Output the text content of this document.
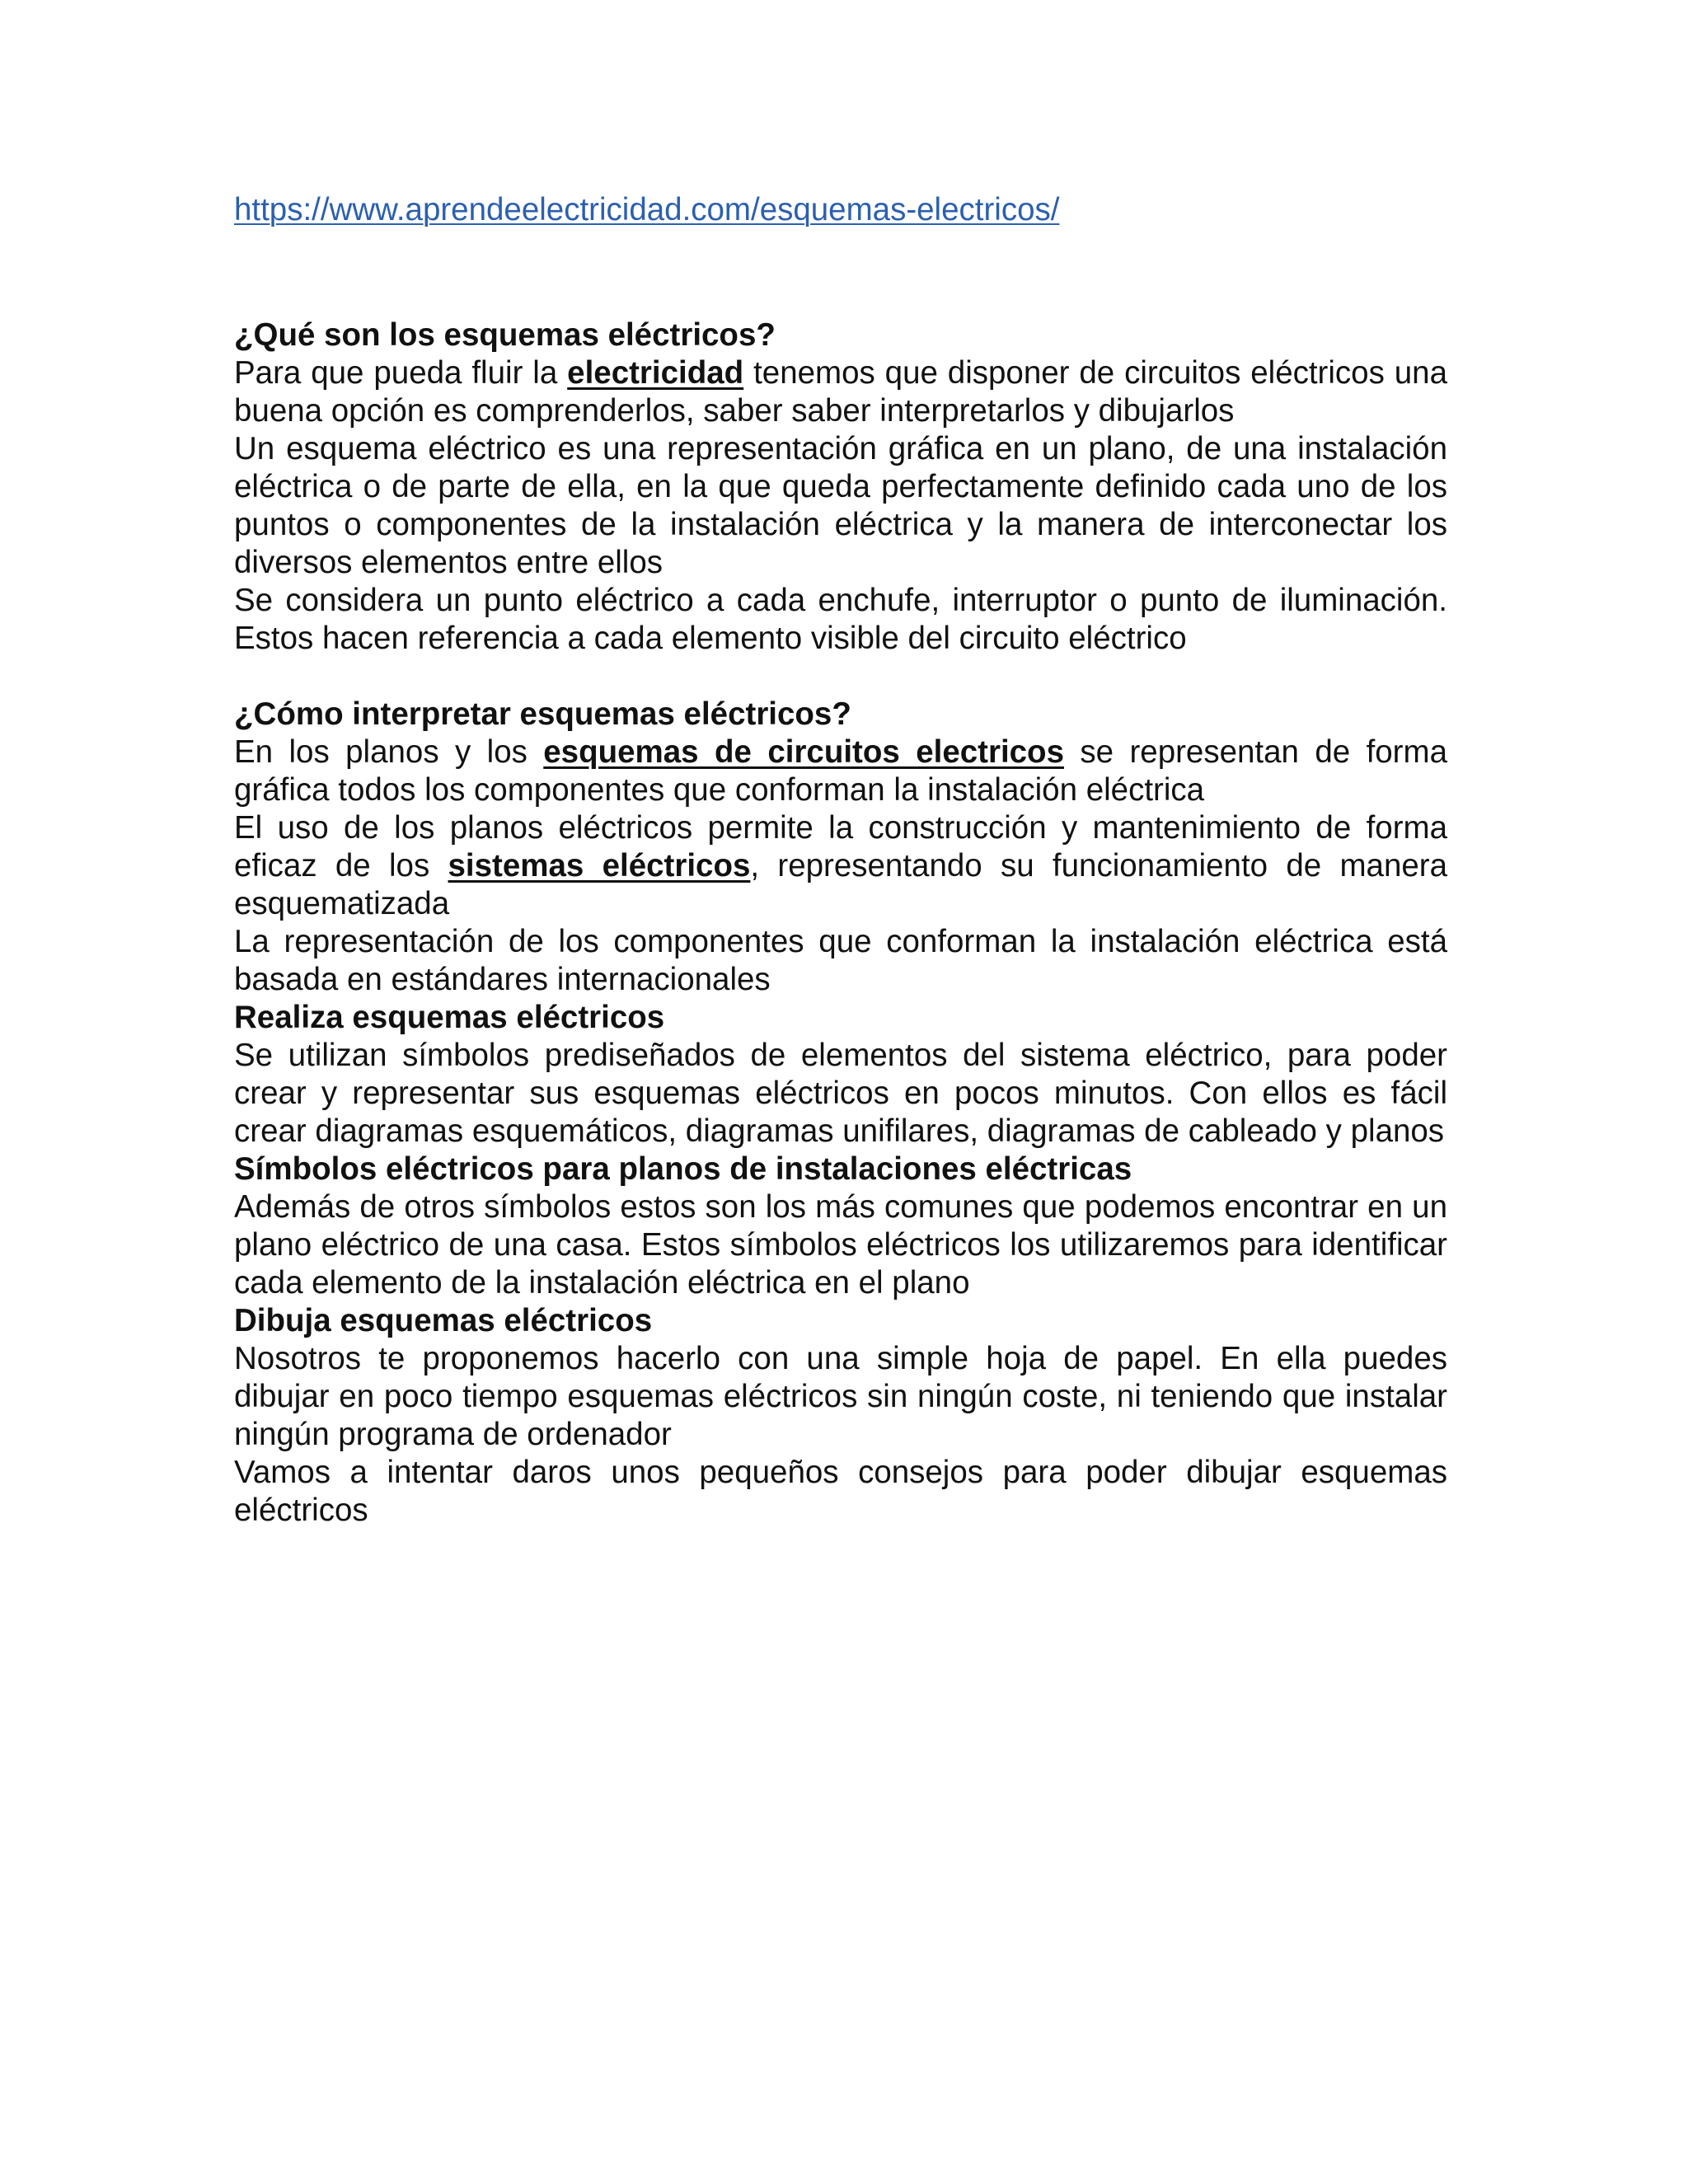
https://www.aprendeelectricidad.com/esquemas-electricos/
¿Qué son los esquemas eléctricos?

Para que pueda fluir la electricidad tenemos que disponer de circuitos eléctricos una buena opción es comprenderlos, saber saber interpretarlos y dibujarlos

Un esquema eléctrico es una representación gráfica en un plano, de una instalación eléctrica o de parte de ella, en la que queda perfectamente definido cada uno de los puntos o componentes de la instalación eléctrica y la manera de interconectar los diversos elementos entre ellos

Se considera un punto eléctrico a cada enchufe, interruptor o punto de iluminación. Estos hacen referencia a cada elemento visible del circuito eléctrico

¿Cómo interpretar esquemas eléctricos?

En los planos y los esquemas de circuitos electricos se representan de forma gráfica todos los componentes que conforman la instalación eléctrica

El uso de los planos eléctricos permite la construcción y mantenimiento de forma eficaz de los sistemas eléctricos, representando su funcionamiento de manera esquematizada

La representación de los componentes que conforman la instalación eléctrica está basada en estándares internacionales

Realiza esquemas eléctricos

Se utilizan símbolos prediseñados de elementos del sistema eléctrico, para poder crear y representar sus esquemas eléctricos en pocos minutos. Con ellos es fácil crear diagramas esquemáticos, diagramas unifilares, diagramas de cableado y planos

Símbolos eléctricos para planos de instalaciones eléctricas

Además de otros símbolos estos son los más comunes que podemos encontrar en un plano eléctrico de una casa. Estos símbolos eléctricos los utilizaremos para identificar cada elemento de la instalación eléctrica en el plano

Dibuja esquemas eléctricos

Nosotros te proponemos hacerlo con una simple hoja de papel. En ella puedes dibujar en poco tiempo esquemas eléctricos sin ningún coste, ni teniendo que instalar ningún programa de ordenador

Vamos a intentar daros unos pequeños consejos para poder dibujar esquemas eléctricos
